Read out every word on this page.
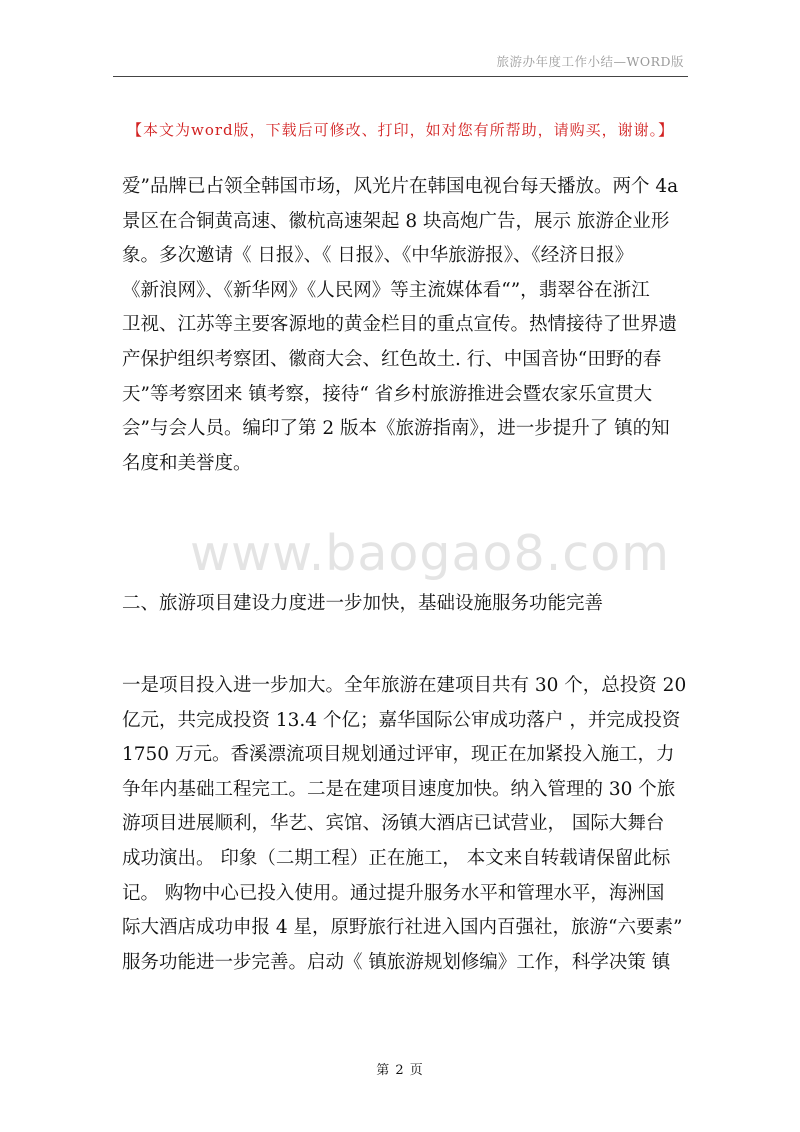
旅游办年度工作小结—WORD版
【本文为word版，下载后可修改、打印，如对您有所帮助，请购买，谢谢。】
www.baogao8.com
爱”品牌已占领全韩国市场，风光片在韩国电视台每天播放。两个 4a
景区在合铜黄高速、徽杭高速架起 8 块高炮广告，展示 旅游企业形
象。多次邀请《 日报》、《 日报》、《中华旅游报》、《经济日报》
《新浪网》、《新华网》《人民网》等主流媒体看“”，翡翠谷在浙江
卫视、江苏等主要客源地的黄金栏目的重点宣传。热情接待了世界遗
产保护组织考察团、徽商大会、红色故土. 行、中国音协“田野的春
天”等考察团来 镇考察，接待“ 省乡村旅游推进会暨农家乐宣贯大
会”与会人员。编印了第 2 版本《旅游指南》，进一步提升了 镇的知
名度和美誉度。
二、旅游项目建设力度进一步加快，基础设施服务功能完善
一是项目投入进一步加大。全年旅游在建项目共有 30 个，总投资 20
亿元，共完成投资 13.4 个亿；嘉华国际公审成功落户 ，并完成投资
1750 万元。香溪漂流项目规划通过评审，现正在加紧投入施工，力
争年内基础工程完工。二是在建项目速度加快。纳入管理的 30 个旅
游项目进展顺利，华艺、宾馆、汤镇大酒店已试营业， 国际大舞台
成功演出。 印象（二期工程）正在施工， 本文来自转载请保留此标
记。 购物中心已投入使用。通过提升服务水平和管理水平，海洲国
际大酒店成功申报 4 星，原野旅行社进入国内百强社，旅游“六要素”
服务功能进一步完善。启动《 镇旅游规划修编》工作，科学决策 镇
第 2 页
